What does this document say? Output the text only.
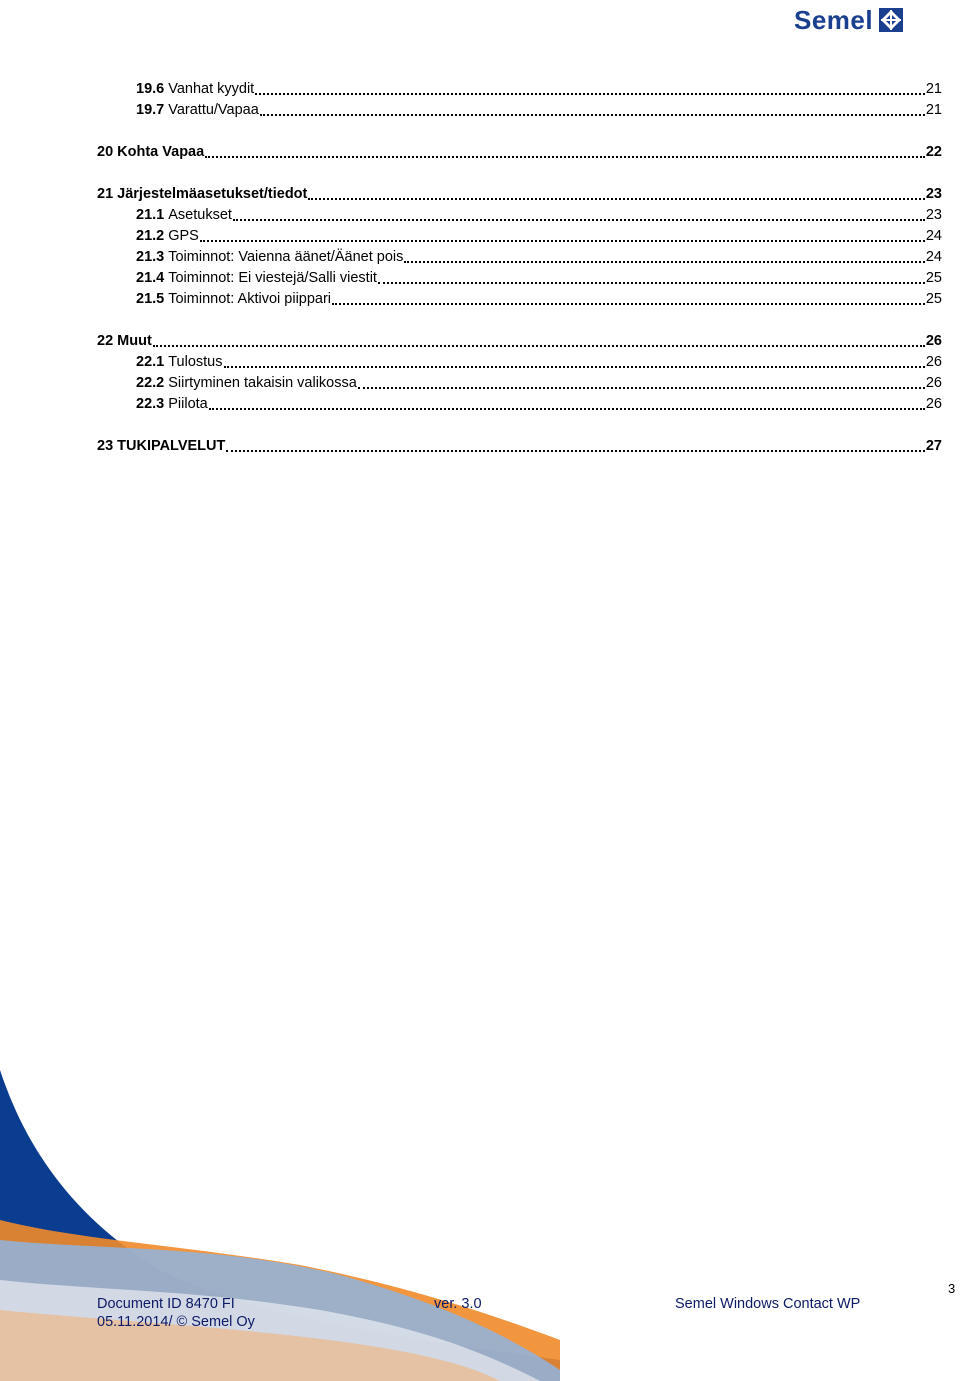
Semel
19.6 Vanhat kyydit	21
19.7 Varattu/Vapaa	21
20 Kohta Vapaa	22
21 Järjestelmäasetukset/tiedot	23
21.1 Asetukset	23
21.2 GPS	24
21.3 Toiminnot: Vaienna äänet/Äänet pois	24
21.4 Toiminnot: Ei viestejä/Salli viestit	25
21.5 Toiminnot: Aktivoi piippari	25
22 Muut	26
22.1 Tulostus	26
22.2 Siirtyminen takaisin valikossa	26
22.3 Piilota	26
23 TUKIPALVELUT	27
Document ID 8470 FI
05.11.2014/ © Semel Oy
ver. 3.0	Semel Windows Contact WP
3
